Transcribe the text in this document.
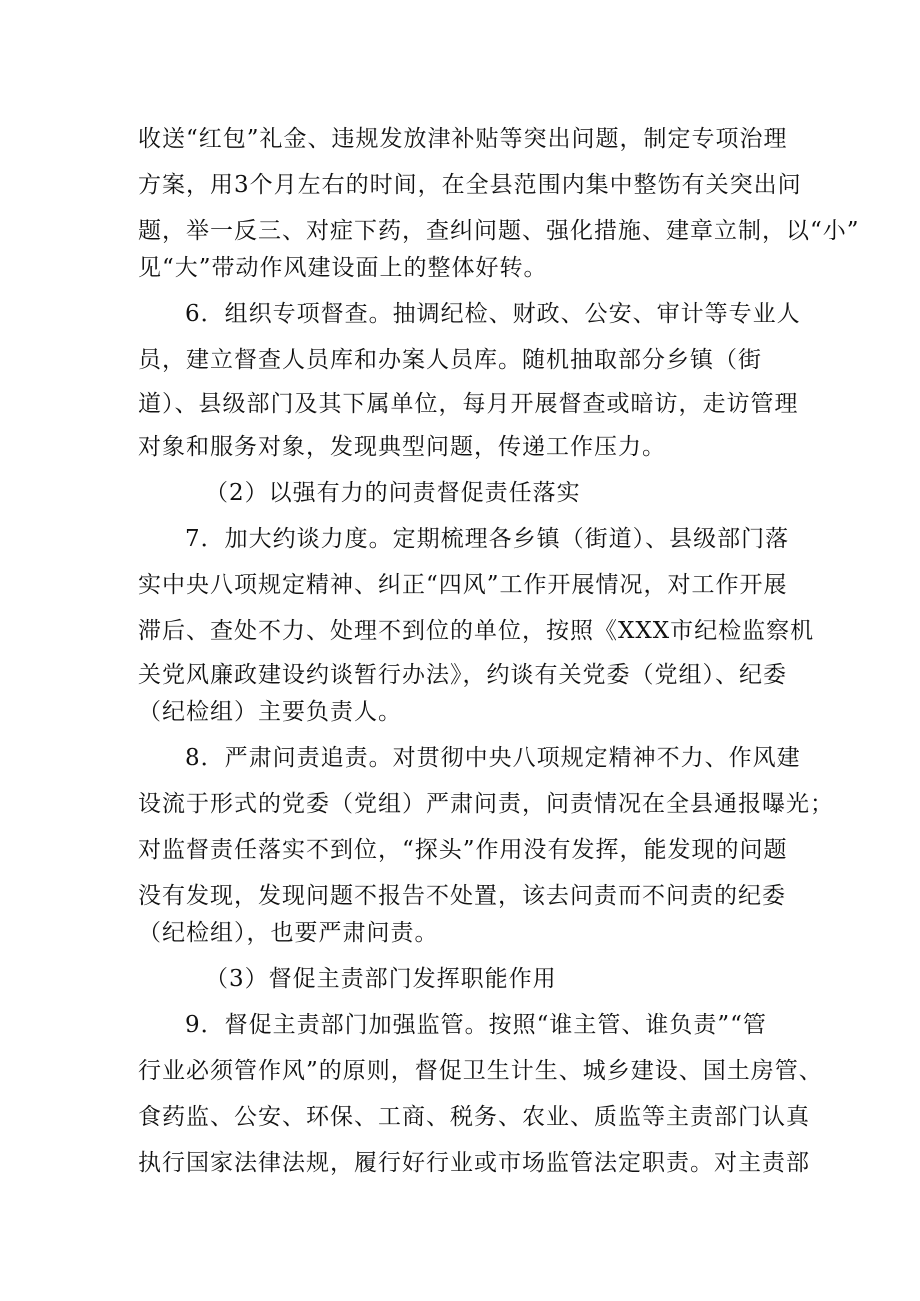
收送“红包”礼金、违规发放津补贴等突出问题，制定专项治理
方案，用3个月左右的时间，在全县范围内集中整饬有关突出问
题，举一反三、对症下药，查纠问题、强化措施、建章立制，以“小”
见“大”带动作风建设面上的整体好转。
6．组织专项督查。抽调纪检、财政、公安、审计等专业人
员，建立督查人员库和办案人员库。随机抽取部分乡镇（街
道）、县级部门及其下属单位，每月开展督查或暗访，走访管理
对象和服务对象，发现典型问题，传递工作压力。
（2）以强有力的问责督促责任落实
7．加大约谈力度。定期梳理各乡镇（街道）、县级部门落
实中央八项规定精神、纠正“四风”工作开展情况，对工作开展
滞后、查处不力、处理不到位的单位，按照《XXX市纪检监察机
关党风廉政建设约谈暂行办法》，约谈有关党委（党组）、纪委
（纪检组）主要负责人。
8．严肃问责追责。对贯彻中央八项规定精神不力、作风建
设流于形式的党委（党组）严肃问责，问责情况在全县通报曝光；
对监督责任落实不到位，“探头”作用没有发挥，能发现的问题
没有发现，发现问题不报告不处置，该去问责而不问责的纪委
（纪检组），也要严肃问责。
（3）督促主责部门发挥职能作用
9．督促主责部门加强监管。按照“谁主管、谁负责”“管
行业必须管作风”的原则，督促卫生计生、城乡建设、国土房管、
食药监、公安、环保、工商、税务、农业、质监等主责部门认真
执行国家法律法规，履行好行业或市场监管法定职责。对主责部
